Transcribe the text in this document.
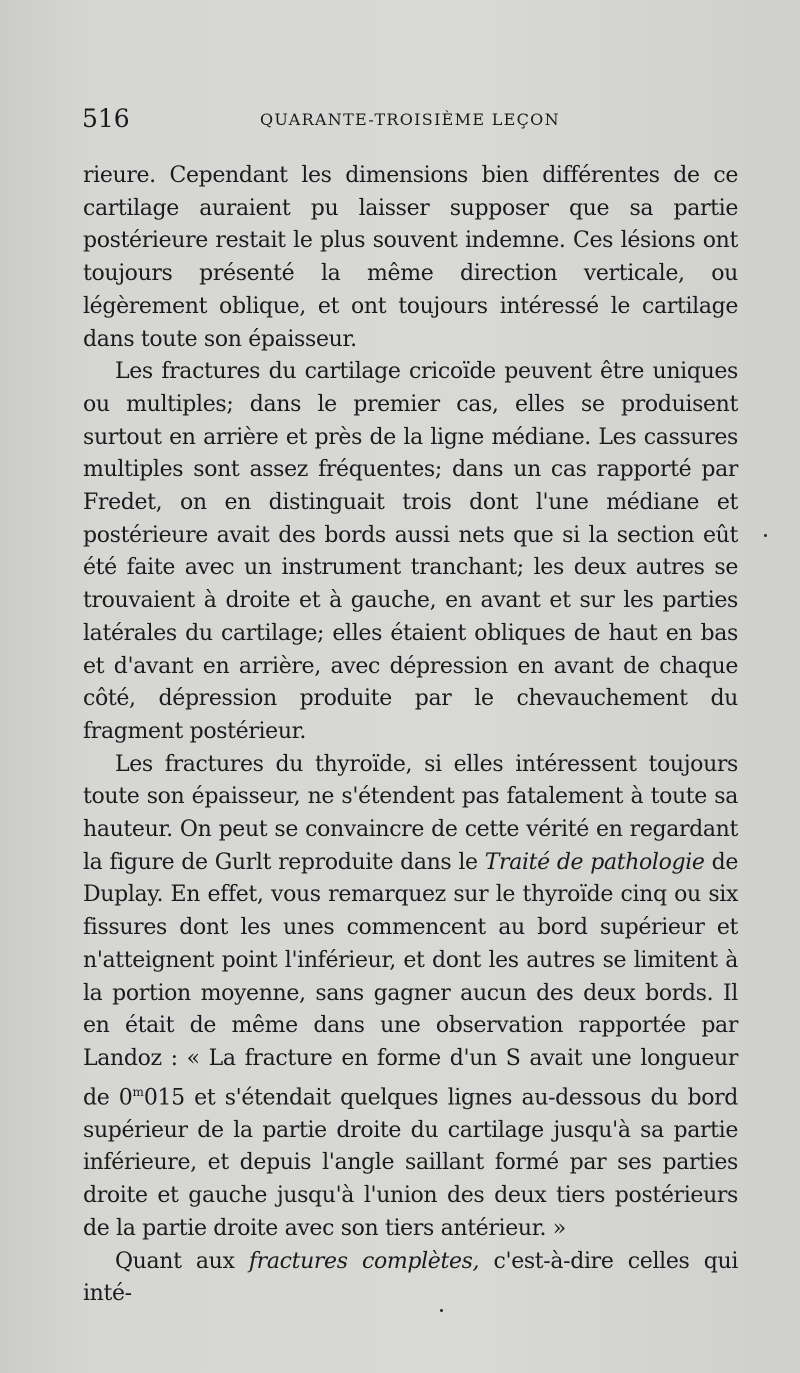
516	QUARANTE-TROISIÈME LEÇON

rieure. Cependant les dimensions bien différentes de ce cartilage auraient pu laisser supposer que sa partie postérieure restait le plus souvent indemne. Ces lésions ont toujours présenté la même direction verticale, ou légèrement oblique, et ont toujours intéressé le cartilage dans toute son épaisseur.

Les fractures du cartilage cricoïde peuvent être uniques ou multiples; dans le premier cas, elles se produisent surtout en arrière et près de la ligne médiane. Les cassures multiples sont assez fréquentes; dans un cas rapporté par Fredet, on en distinguait trois dont l'une médiane et postérieure avait des bords aussi nets que si la section eût été faite avec un instrument tranchant; les deux autres se trouvaient à droite et à gauche, en avant et sur les parties latérales du cartilage; elles étaient obliques de haut en bas et d'avant en arrière, avec dépression en avant de chaque côté, dépression produite par le chevauchement du fragment postérieur.

Les fractures du thyroïde, si elles intéressent toujours toute son épaisseur, ne s'étendent pas fatalement à toute sa hauteur. On peut se convaincre de cette vérité en regardant la figure de Gurlt reproduite dans le Traité de pathologie de Duplay. En effet, vous remarquez sur le thyroïde cinq ou six fissures dont les unes commencent au bord supérieur et n'atteignent point l'inférieur, et dont les autres se limitent à la portion moyenne, sans gagner aucun des deux bords. Il en était de même dans une observation rapportée par Landoz : « La fracture en forme d'un S avait une longueur de 0$^m$015 et s'étendait quelques lignes au-dessous du bord supérieur de la partie droite du cartilage jusqu'à sa partie inférieure, et depuis l'angle saillant formé par ses parties droite et gauche jusqu'à l'union des deux tiers postérieurs de la partie droite avec son tiers antérieur. »

Quant aux fractures complètes, c'est-à-dire celles qui inté-
